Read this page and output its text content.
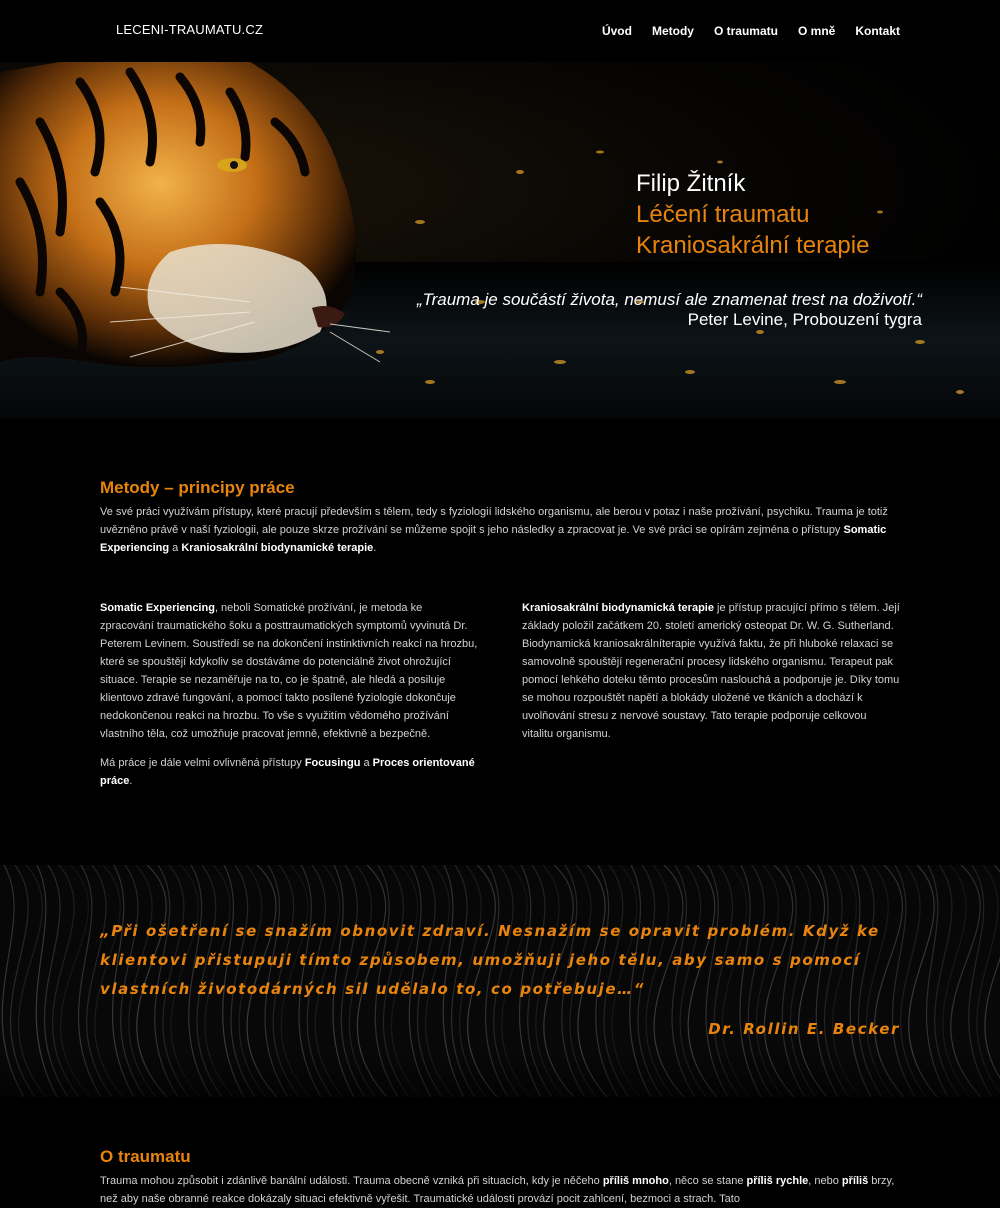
LECENI-TRAUMATU.CZ	Úvod Metody O traumatu O mně Kontakt
Filip Žitník
Léčení traumatu
Kraniosakrální terapie
„Trauma je součástí života, nemusí ale znamenat trest na doživotí.“
Peter Levine, Probouzení tygra
Metody – principy práce

Ve své práci využívám přístupy, které pracují především s tělem, tedy s fyziologií lidského organismu, ale berou v potaz i naše prožívání, psychiku. Trauma je totiž uvězněno právě v naší fyziologii, ale pouze skrze prožívání se můžeme spojit s jeho následky a zpracovat je. Ve své práci se opírám zejména o přístupy Somatic Experiencing a Kraniosakrální biodynamické terapie.

Somatic Experiencing, neboli Somatické prožívání, je metoda ke zpracování traumatického šoku a posttraumatických symptomů vyvinutá Dr. Peterem Levinem. Soustředí se na dokončení instinktivních reakcí na hrozbu, které se spouštějí kdykoliv se dostáváme do potenciálně život ohrožující situace. Terapie se nezaměřuje na to, co je špatně, ale hledá a posiluje klientovo zdravé fungování, a pomocí takto posílené fyziologie dokončuje nedokončenou reakci na hrozbu. To vše s využitím vědomého prožívání vlastního těla, což umožňuje pracovat jemně, efektivně a bezpečně.

Má práce je dále velmi ovlivněná přístupy Focusingu a Proces orientované práce.

Kraniosakrální biodynamická terapie je přístup pracující přímo s tělem. Její základy položil začátkem 20. století americký osteopat Dr. W. G. Sutherland. Biodynamická kraniosakrálníterapie využívá faktu, že při hluboké relaxaci se samovolně spouštějí regenerační procesy lidského organismu. Terapeut pak pomocí lehkého doteku těmto procesům naslouchá a podporuje je. Díky tomu se mohou rozpouštět napětí a blokády uložené ve tkáních a dochází k uvolňování stresu z nervové soustavy. Tato terapie podporuje celkovou vitalitu organismu.

„Při ošetření se snažím obnovit zdraví. Nesnažím se opravit problém. Když ke klientovi přistupuji tímto způsobem, umožňuji jeho tělu, aby samo s pomocí vlastních životodárných sil udělalo to, co potřebuje…“
Dr. Rollin E. Becker
O traumatu

Trauma mohou způsobit i zdánlivě banální události. Trauma obecně vzniká při situacích, kdy je něčeho příliš mnoho, něco se stane příliš rychle, nebo příliš brzy, než aby naše obranné reakce dokázaly situaci efektivně vyřešit. Traumatické události provází pocit zahlcení, bezmoci a strach. Tato
